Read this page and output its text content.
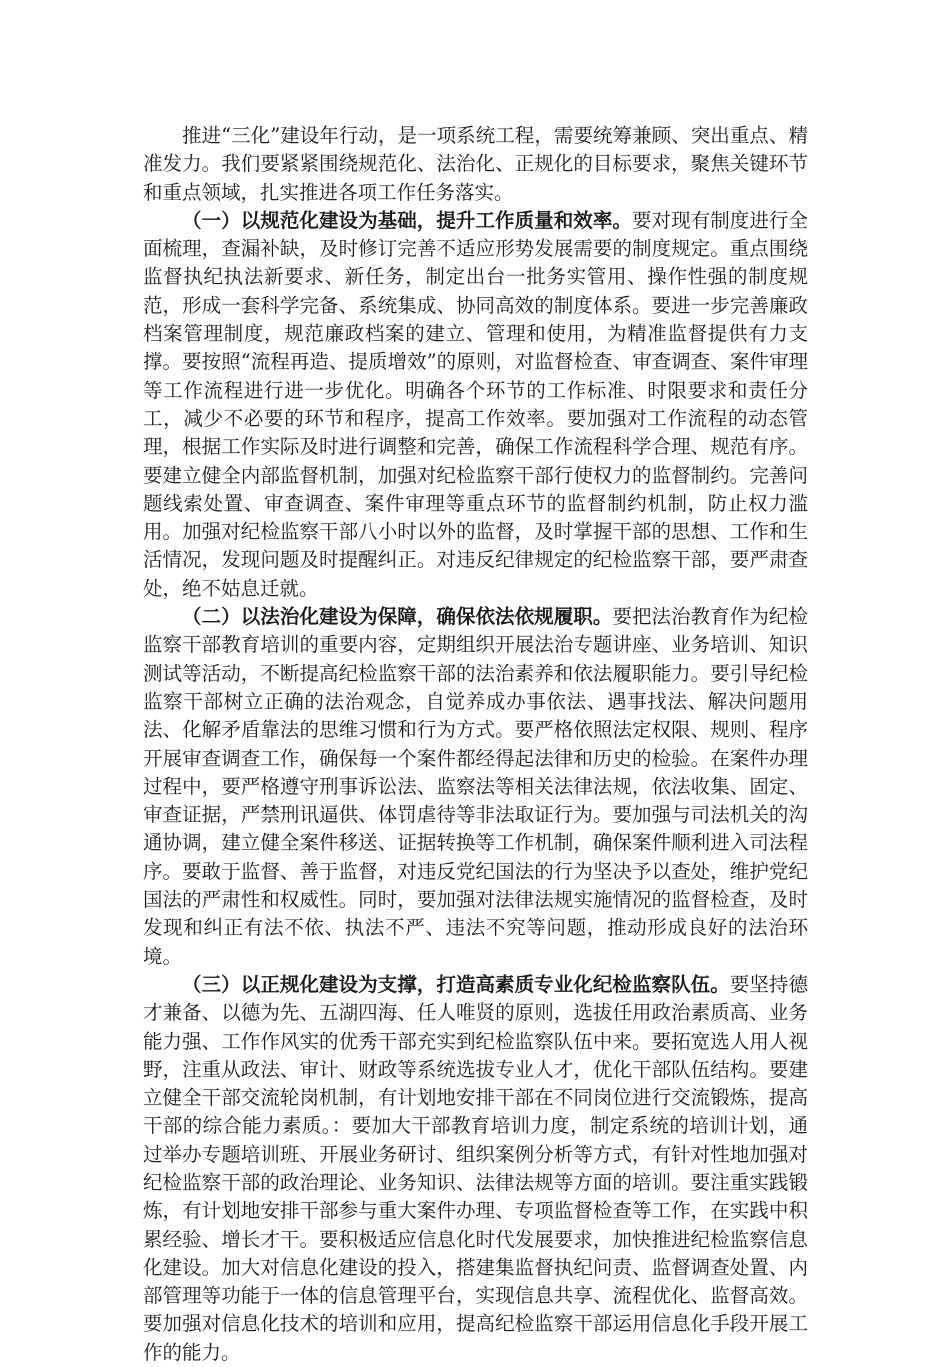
推进“三化”建设年行动，是一项系统工程，需要统筹兼顾、突出重点、精准发力。我们要紧紧围绕规范化、法治化、正规化的目标要求，聚焦关键环节和重点领域，扎实推进各项工作任务落实。

（一）以规范化建设为基础，提升工作质量和效率。要对现有制度进行全面梳理，查漏补缺，及时修订完善不适应形势发展需要的制度规定。重点围绕监督执纪执法新要求、新任务，制定出台一批务实管用、操作性强的制度规范，形成一套科学完备、系统集成、协同高效的制度体系。要进一步完善廉政档案管理制度，规范廉政档案的建立、管理和使用，为精准监督提供有力支撑。要按照“流程再造、提质增效”的原则，对监督检查、审查调查、案件审理等工作流程进行进一步优化。明确各个环节的工作标准、时限要求和责任分工，减少不必要的环节和程序，提高工作效率。要加强对工作流程的动态管理，根据工作实际及时进行调整和完善，确保工作流程科学合理、规范有序。要建立健全内部监督机制，加强对纪检监察干部行使权力的监督制约。完善问题线索处置、审查调查、案件审理等重点环节的监督制约机制，防止权力滥用。加强对纪检监察干部八小时以外的监督，及时掌握干部的思想、工作和生活情况，发现问题及时提醒纠正。对违反纪律规定的纪检监察干部，要严肃查处，绝不姑息迁就。

（二）以法治化建设为保障，确保依法依规履职。要把法治教育作为纪检监察干部教育培训的重要内容，定期组织开展法治专题讲座、业务培训、知识测试等活动，不断提高纪检监察干部的法治素养和依法履职能力。要引导纪检监察干部树立正确的法治观念，自觉养成办事依法、遇事找法、解决问题用法、化解矛盾靠法的思维习惯和行为方式。要严格依照法定权限、规则、程序开展审查调查工作，确保每一个案件都经得起法律和历史的检验。在案件办理过程中，要严格遵守刑事诉讼法、监察法等相关法律法规，依法收集、固定、审查证据，严禁刑讯逼供、体罚虐待等非法取证行为。要加强与司法机关的沟通协调，建立健全案件移送、证据转换等工作机制，确保案件顺利进入司法程序。要敢于监督、善于监督，对违反党纪国法的行为坚决予以查处，维护党纪国法的严肃性和权威性。同时，要加强对法律法规实施情况的监督检查，及时发现和纠正有法不依、执法不严、违法不究等问题，推动形成良好的法治环境。

（三）以正规化建设为支撑，打造高素质专业化纪检监察队伍。要坚持德才兼备、以德为先、五湖四海、任人唯贤的原则，选拔任用政治素质高、业务能力强、工作作风实的优秀干部充实到纪检监察队伍中来。要拓宽选人用人视野，注重从政法、审计、财政等系统选拔专业人才，优化干部队伍结构。要建立健全干部交流轮岗机制，有计划地安排干部在不同岗位进行交流锻炼，提高干部的综合能力素质。：要加大干部教育培训力度，制定系统的培训计划，通过举办专题培训班、开展业务研讨、组织案例分析等方式，有针对性地加强对纪检监察干部的政治理论、业务知识、法律法规等方面的培训。要注重实践锻炼，有计划地安排干部参与重大案件办理、专项监督检查等工作，在实践中积累经验、增长才干。要积极适应信息化时代发展要求，加快推进纪检监察信息化建设。加大对信息化建设的投入，搭建集监督执纪问责、监督调查处置、内部管理等功能于一体的信息管理平台，实现信息共享、流程优化、监督高效。要加强对信息化技术的培训和应用，提高纪检监察干部运用信息化手段开展工作的能力。
